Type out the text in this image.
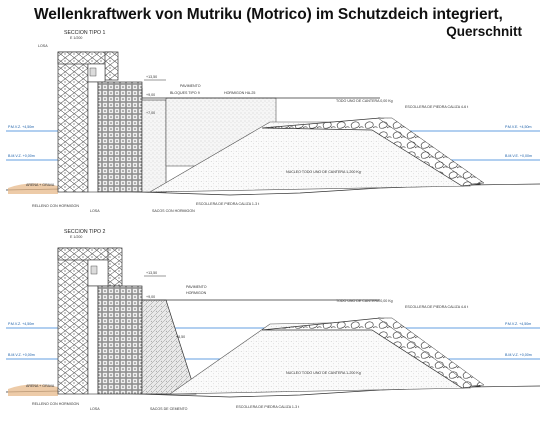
Wellenkraftwerk von Mutriku (Motrico) im Schutzdeich integriert,
Querschnitt
SECCION TIPO 1
E 1/200
P.M.V.Z. +4,50m
B.M.V.Z. +0,00m
P.M.V.E. +4,50m
B.M.V.E. +0,00m
ARENA + GRAVA
LOSA
+13,50
+9,00
+7,00
PAVIMENTO
BLOQUES TIPO 9	HORMIGON HA-25
TODO UNO DE CANTERA 0,00 Kg
ESCOLLERA DE PIEDRA CALIZA 4-6 t
NUCLEO TODO UNO DE CANTERA 1-200 Kg
ESCOLLERA DE PIEDRA CALIZA 1-3 t
SACOS CON HORMIGON
RELLENO CON HORMIGON
LOSA
SECCION TIPO 2
E 1/200
P.M.V.Z. +4,50m
B.M.V.Z. +0,00m
P.M.V.Z. +4,50m
B.M.V.Z. +0,00m
ARENA + GRAVA
+13,50
+9,00
+8,50
PAVIMENTO
HORMIGON
TODO UNO DE CANTERA 0,00 Kg
ESCOLLERA DE PIEDRA CALIZA 4-6 t
NUCLEO TODO UNO DE CANTERA 1-200 Kg
ESCOLLERA DE PIEDRA CALIZA 1-3 t
SACOS DE CEMENTO
RELLENO CON HORMIGON
LOSA
